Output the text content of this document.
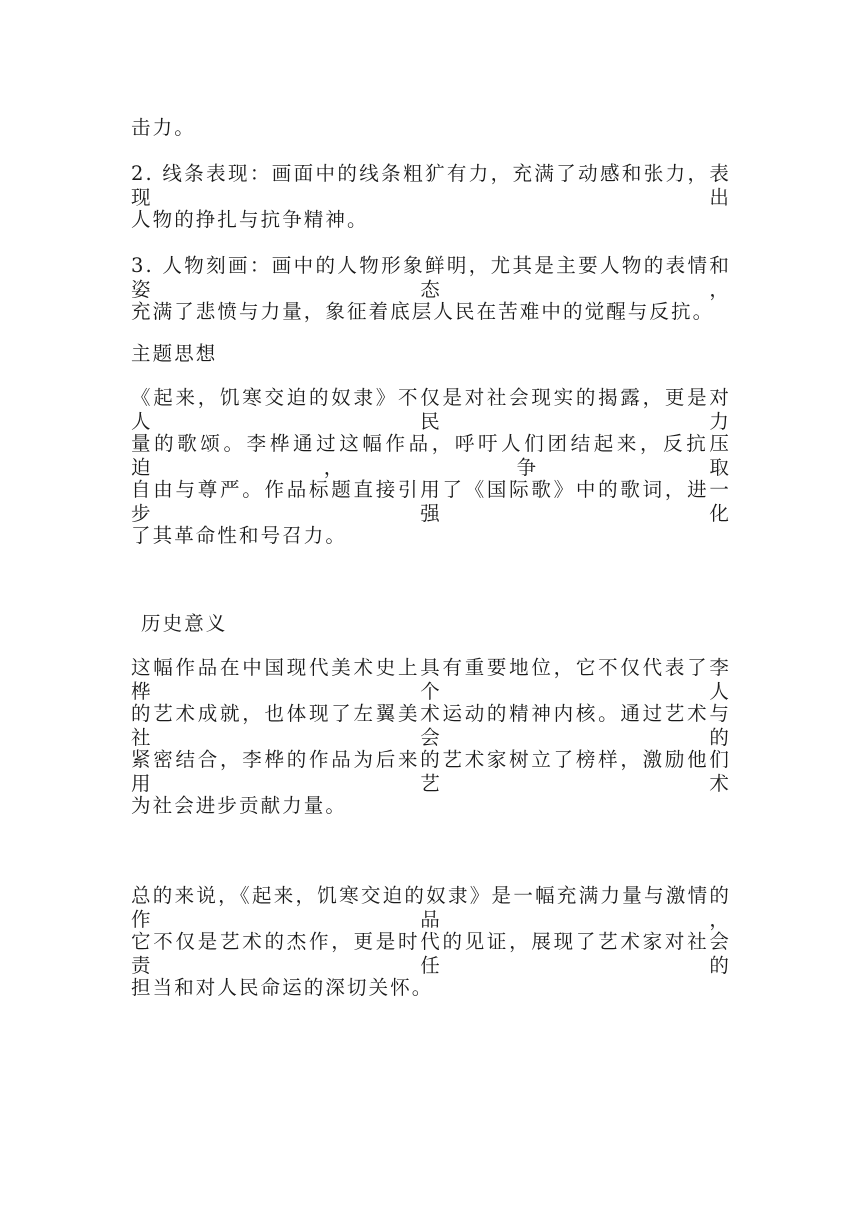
击力。
2. 线条表现：画面中的线条粗犷有力，充满了动感和张力，表现出
人物的挣扎与抗争精神。
3. 人物刻画：画中的人物形象鲜明，尤其是主要人物的表情和姿态，
充满了悲愤与力量，象征着底层人民在苦难中的觉醒与反抗。
主题思想
《起来，饥寒交迫的奴隶》不仅是对社会现实的揭露，更是对人民力
量的歌颂。李桦通过这幅作品，呼吁人们团结起来，反抗压迫，争取
自由与尊严。作品标题直接引用了《国际歌》中的歌词，进一步强化
了其革命性和号召力。
历史意义
这幅作品在中国现代美术史上具有重要地位，它不仅代表了李桦个人
的艺术成就，也体现了左翼美术运动的精神内核。通过艺术与社会的
紧密结合，李桦的作品为后来的艺术家树立了榜样，激励他们用艺术
为社会进步贡献力量。
总的来说，《起来，饥寒交迫的奴隶》是一幅充满力量与激情的作品，
它不仅是艺术的杰作，更是时代的见证，展现了艺术家对社会责任的
担当和对人民命运的深切关怀。
